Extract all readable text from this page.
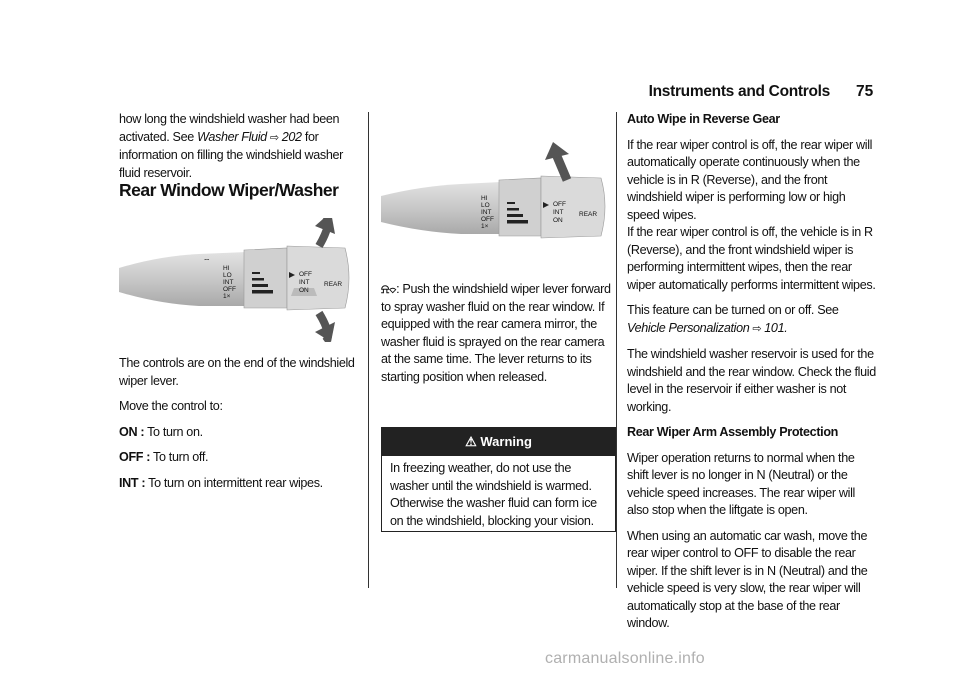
Instruments and Controls 75

how long the windshield washer had been activated. See Washer Fluid ⇨ 202 for information on filling the windshield washer fluid reservoir.

Rear Window Wiper/Washer
HI
LO
INT
OFF
1×
OFF
INT
ON
REAR
⌔

The controls are on the end of the windshield wiper lever.

Move the control to:

ON : To turn on.

OFF : To turn off.

INT : To turn on intermittent rear wipes.

HI
LO
INT
OFF
1×
OFF
INT
ON
REAR

⍾⌔: Push the windshield wiper lever forward to spray washer fluid on the rear window. If equipped with the rear camera mirror, the washer fluid is sprayed on the rear camera at the same time. The lever returns to its starting position when released.

⚠ Warning
In freezing weather, do not use the washer until the windshield is warmed. Otherwise the washer fluid can form ice on the windshield, blocking your vision.

Auto Wipe in Reverse Gear

If the rear wiper control is off, the rear wiper will automatically operate continuously when the vehicle is in R (Reverse), and the front windshield wiper is performing low or high speed wipes.

If the rear wiper control is off, the vehicle is in R (Reverse), and the front windshield wiper is performing intermittent wipes, then the rear wiper automatically performs intermittent wipes.

This feature can be turned on or off. See
Vehicle Personalization ⇨ 101.

The windshield washer reservoir is used for the windshield and the rear window. Check the fluid level in the reservoir if either washer is not working.

Rear Wiper Arm Assembly Protection

Wiper operation returns to normal when the shift lever is no longer in N (Neutral) or the vehicle speed increases. The rear wiper will also stop when the liftgate is open.

When using an automatic car wash, move the rear wiper control to OFF to disable the rear wiper. If the shift lever is in N (Neutral) and the vehicle speed is very slow, the rear wiper will automatically stop at the base of the rear window.

carmanualsonline.info
